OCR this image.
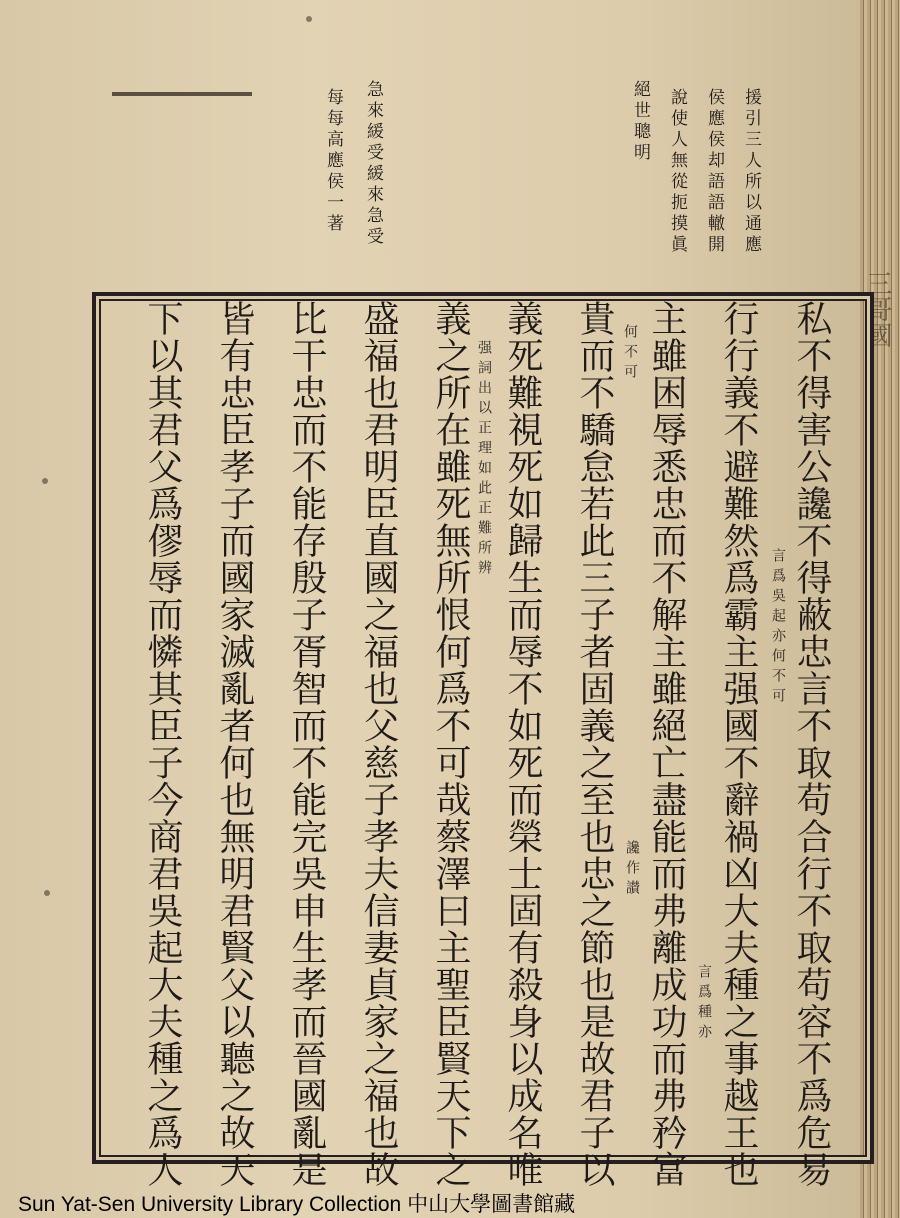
三哥國
援引三人所以通應
侯應侯却語語轍開
說使人無從扼摸眞
絕世聰明
急來緩受緩來急受
每每高應侯一著
私不得害公讒不得蔽忠言不取苟合行不取苟容不爲危易
行行義不避難然爲霸主强國不辭禍凶大夫種之事越王也
主雖困辱悉忠而不解主雖絕亡盡能而弗離成功而弗矜富
貴而不驕怠若此三子者固義之至也忠之節也是故君子以
義死難視死如歸生而辱不如死而榮士固有殺身以成名唯
義之所在雖死無所恨何爲不可哉蔡澤曰主聖臣賢天下之
盛福也君明臣直國之福也父慈子孝夫信妻貞家之福也故
比干忠而不能存殷子胥智而不能完吳申生孝而晉國亂是
皆有忠臣孝子而國家滅亂者何也無明君賢父以聽之故天
下以其君父爲僇辱而憐其臣子今商君吳起大夫種之爲人	言爲吳起亦何不可
何不可
讒作讃
言爲種亦
强詞出以正理如此正難所辨
Sun Yat-Sen University Library Collection 中山大學圖書館藏
